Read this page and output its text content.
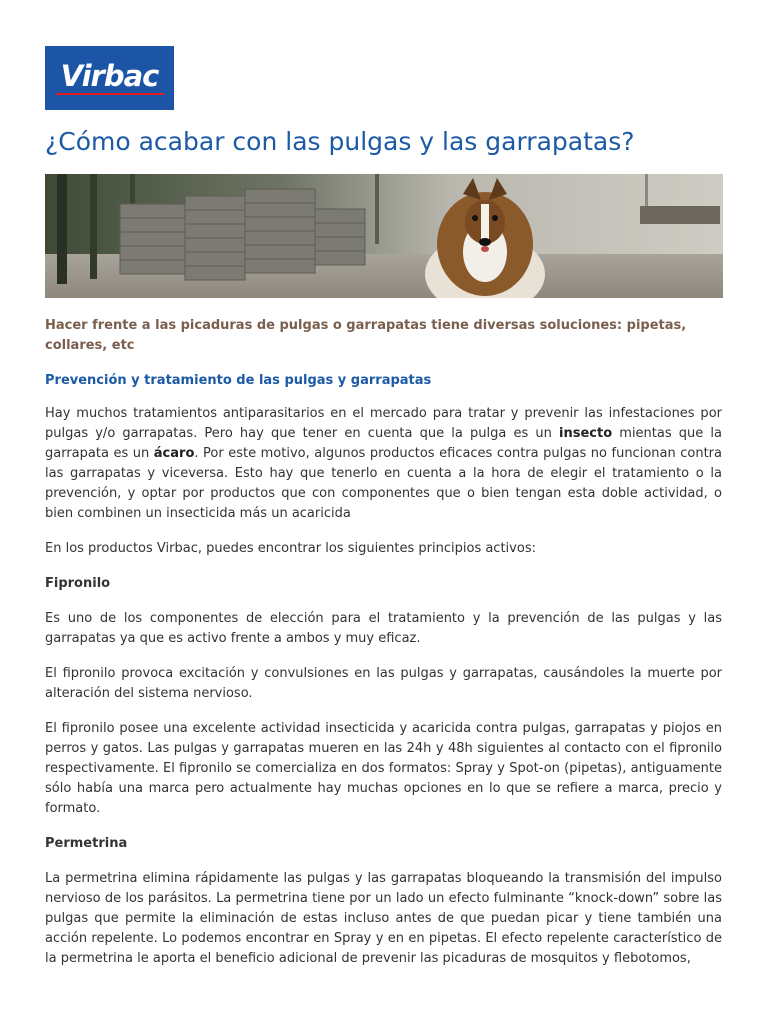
Virbac
¿Cómo acabar con las pulgas y las garrapatas?

Hacer frente a las picaduras de pulgas o garrapatas tiene diversas soluciones: pipetas, collares, etc

Prevención y tratamiento de las pulgas y garrapatas

Hay muchos tratamientos antiparasitarios en el mercado para tratar y prevenir las infestaciones por pulgas y/o garrapatas. Pero hay que tener en cuenta que la pulga es un insecto mientas que la garrapata es un ácaro. Por este motivo, algunos productos eficaces contra pulgas no funcionan contra las garrapatas y viceversa. Esto hay que tenerlo en cuenta a la hora de elegir el tratamiento o la prevención, y optar por productos que con componentes que o bien tengan esta doble actividad, o bien combinen un insecticida más un acaricida

En los productos Virbac, puedes encontrar los siguientes principios activos:

Fipronilo

Es uno de los componentes de elección para el tratamiento y la prevención de las pulgas y las garrapatas ya que es activo frente a ambos y muy eficaz.

El fipronilo provoca excitación y convulsiones en las pulgas y garrapatas, causándoles la muerte por alteración del sistema nervioso.

El fipronilo posee una excelente actividad insecticida y acaricida contra pulgas, garrapatas y piojos en perros y gatos. Las pulgas y garrapatas mueren en las 24h y 48h siguientes al contacto con el fipronilo respectivamente. El fipronilo se comercializa en dos formatos: Spray y Spot-on (pipetas), antiguamente sólo había una marca pero actualmente hay muchas opciones en lo que se refiere a marca, precio y formato.

Permetrina

La permetrina elimina rápidamente las pulgas y las garrapatas bloqueando la transmisión del impulso nervioso de los parásitos. La permetrina tiene por un lado un efecto fulminante “knock-down” sobre las pulgas que permite la eliminación de estas incluso antes de que puedan picar y tiene también una acción repelente. Lo podemos encontrar en Spray y en en pipetas. El efecto repelente característico de la permetrina le aporta el beneficio adicional de prevenir las picaduras de mosquitos y flebotomos,
